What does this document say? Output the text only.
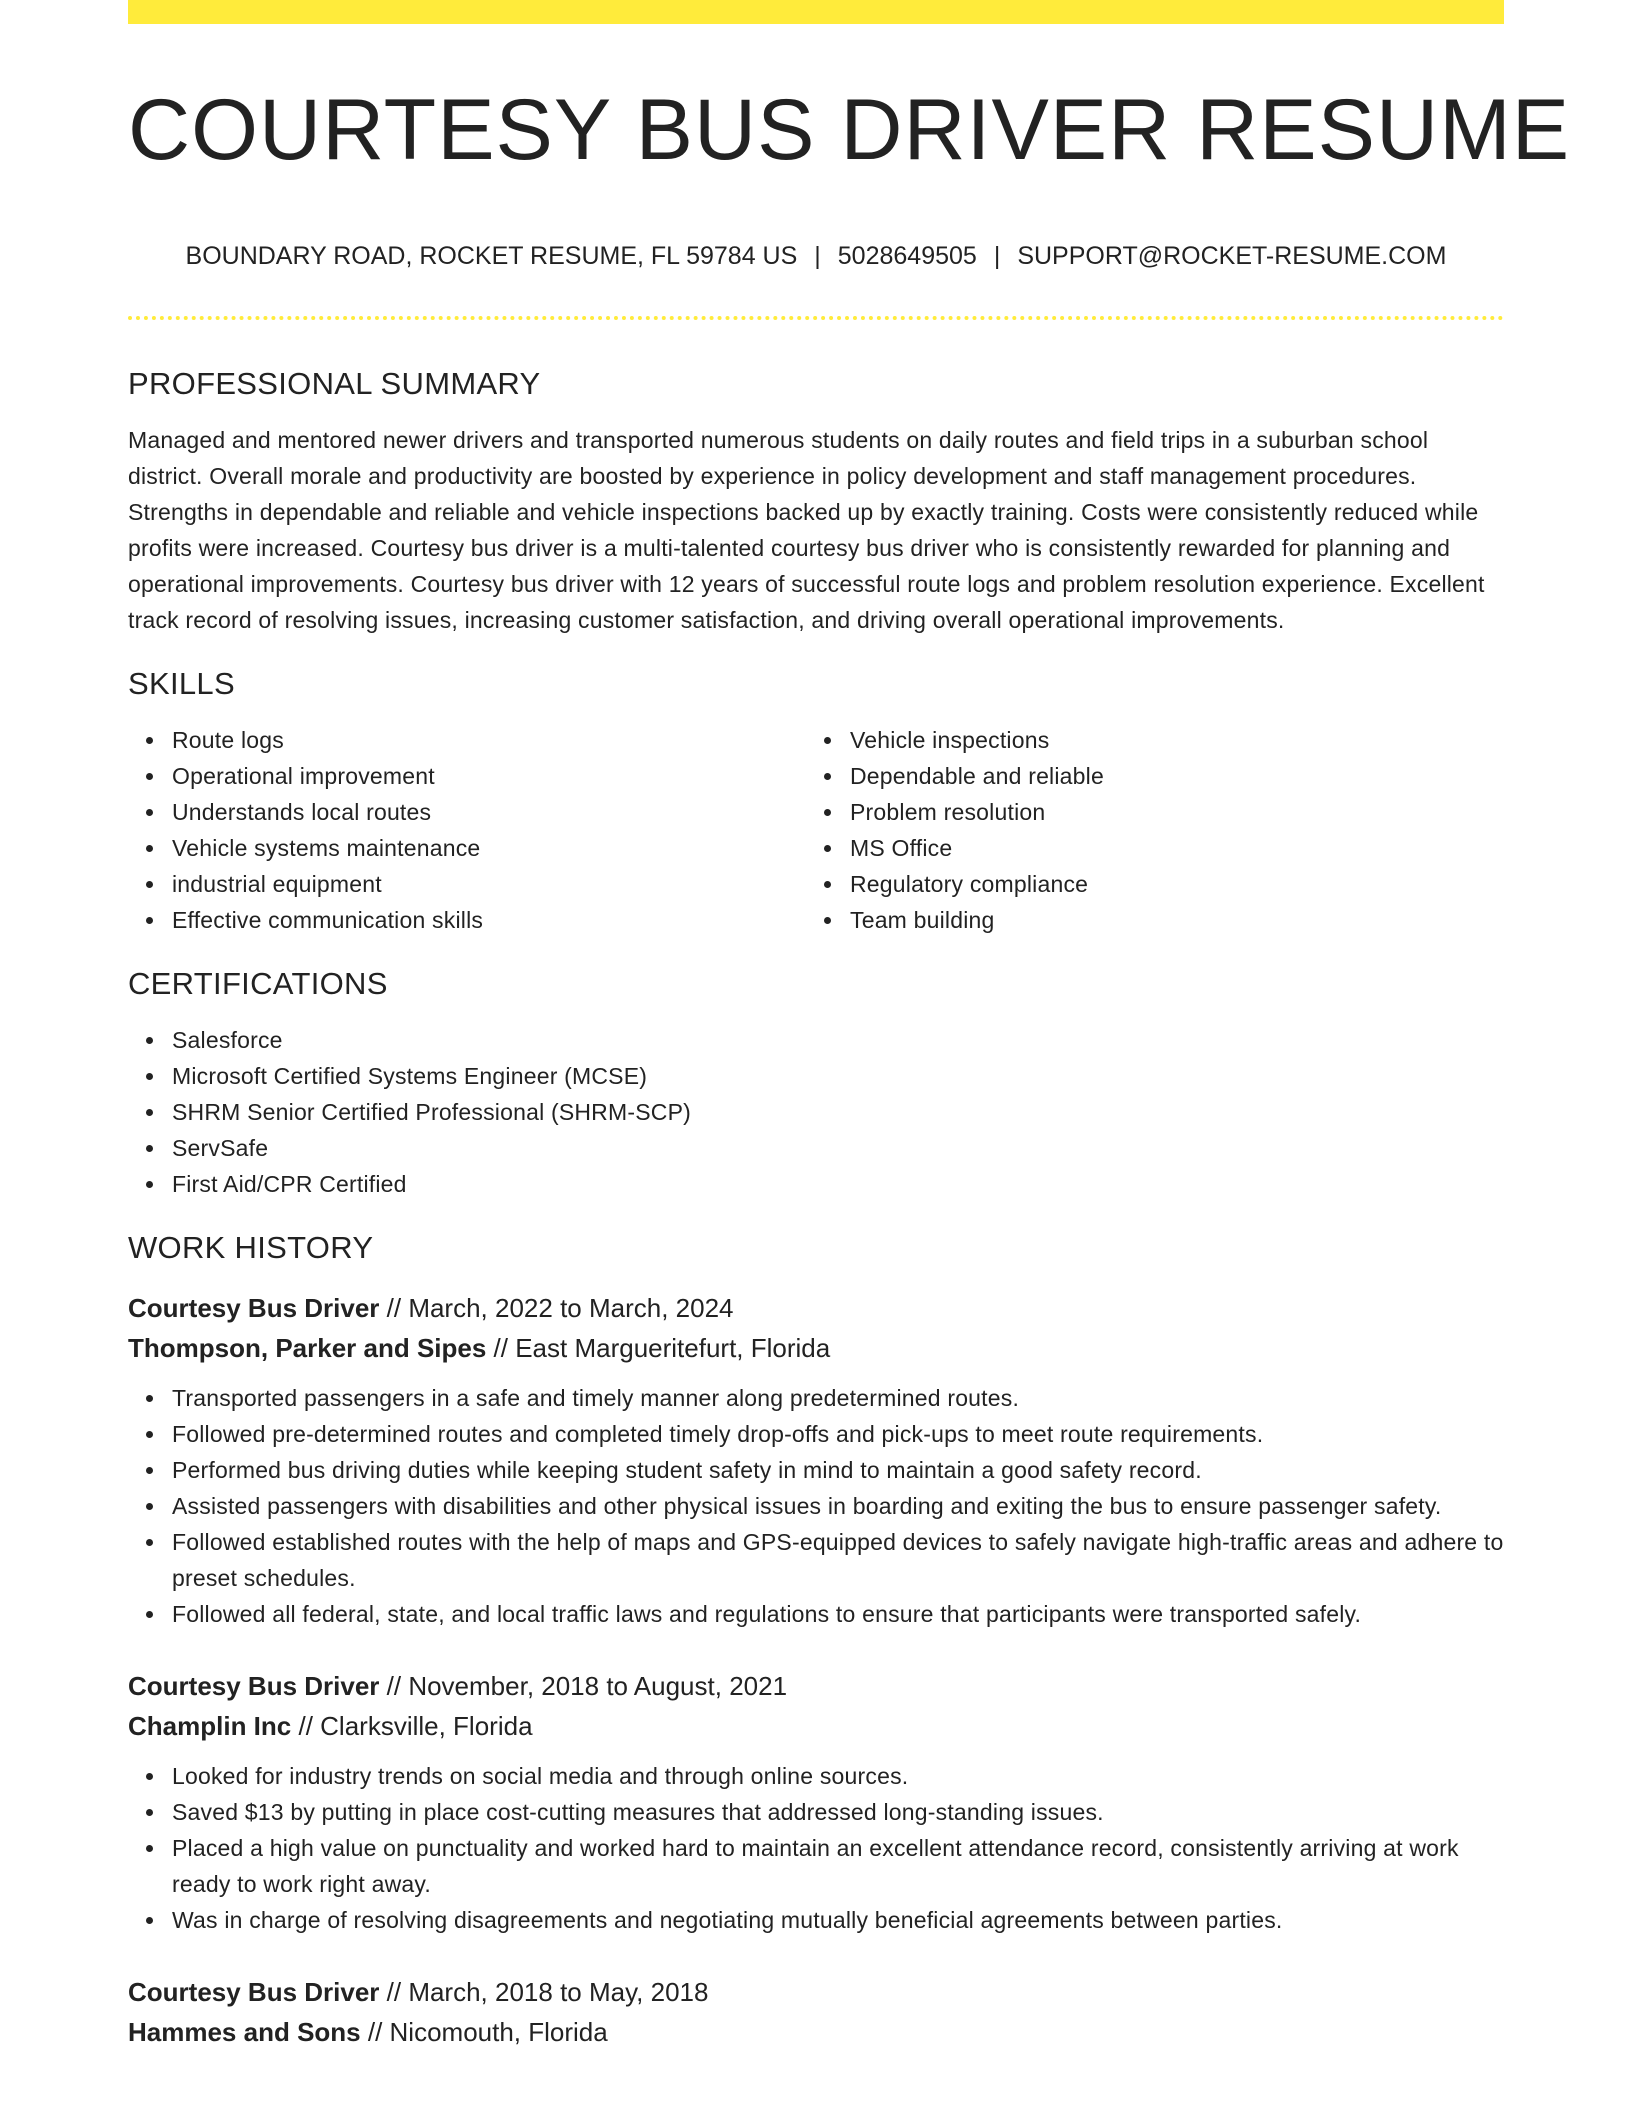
COURTESY BUS DRIVER RESUME
BOUNDARY ROAD, ROCKET RESUME, FL 59784 US | 5028649505 | SUPPORT@ROCKET-RESUME.COM
PROFESSIONAL SUMMARY

Managed and mentored newer drivers and transported numerous students on daily routes and field trips in a suburban school district. Overall morale and productivity are boosted by experience in policy development and staff management procedures. Strengths in dependable and reliable and vehicle inspections backed up by exactly training. Costs were consistently reduced while profits were increased. Courtesy bus driver is a multi-talented courtesy bus driver who is consistently rewarded for planning and operational improvements. Courtesy bus driver with 12 years of successful route logs and problem resolution experience. Excellent track record of resolving issues, increasing customer satisfaction, and driving overall operational improvements.

SKILLS
Route logs
Operational improvement
Understands local routes
Vehicle systems maintenance
industrial equipment
Effective communication skills
Vehicle inspections
Dependable and reliable
Problem resolution
MS Office
Regulatory compliance
Team building
CERTIFICATIONS
Salesforce
Microsoft Certified Systems Engineer (MCSE)
SHRM Senior Certified Professional (SHRM-SCP)
ServSafe
First Aid/CPR Certified
WORK HISTORY
Courtesy Bus Driver // March, 2022 to March, 2024
Thompson, Parker and Sipes // East Margueritefurt, Florida
Transported passengers in a safe and timely manner along predetermined routes.
Followed pre-determined routes and completed timely drop-offs and pick-ups to meet route requirements.
Performed bus driving duties while keeping student safety in mind to maintain a good safety record.
Assisted passengers with disabilities and other physical issues in boarding and exiting the bus to ensure passenger safety.
Followed established routes with the help of maps and GPS-equipped devices to safely navigate high-traffic areas and adhere to preset schedules.
Followed all federal, state, and local traffic laws and regulations to ensure that participants were transported safely.
Courtesy Bus Driver // November, 2018 to August, 2021
Champlin Inc // Clarksville, Florida
Looked for industry trends on social media and through online sources.
Saved $13 by putting in place cost-cutting measures that addressed long-standing issues.
Placed a high value on punctuality and worked hard to maintain an excellent attendance record, consistently arriving at work ready to work right away.
Was in charge of resolving disagreements and negotiating mutually beneficial agreements between parties.
Courtesy Bus Driver // March, 2018 to May, 2018
Hammes and Sons // Nicomouth, Florida
